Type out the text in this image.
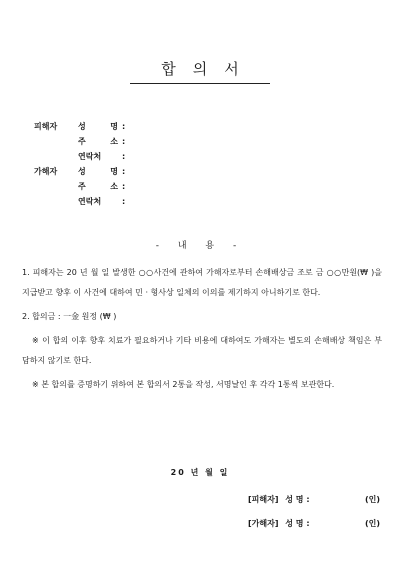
합의서
피해자	성 명 :
주 소 :
연락처	:
가해자	성 명 :
주 소 :
연락처	:
- 내 용 -

1. 피해자는 20 년 월 일 발생한 ○○사건에 관하여 가해자로부터 손해배상금 조로 금 ○○만원(₩ )을 지급받고 향후 이 사건에 대하여 민 · 형사상 일체의 이의를 제기하지 아니하기로 한다.

2. 합의금 : 一金 원정 (₩ )

※ 이 합의 이후 향후 치료가 필요하거나 기타 비용에 대하여도 가해자는 별도의 손해배상 책임은 부담하지 않기로 한다.

※ 본 합의를 증명하기 위하여 본 합의서 2통을 작성, 서명날인 후 각각 1통씩 보관한다.

20 년 월 일
[피해자] 성 명 :	(인)
[가해자] 성 명 :	(인)
